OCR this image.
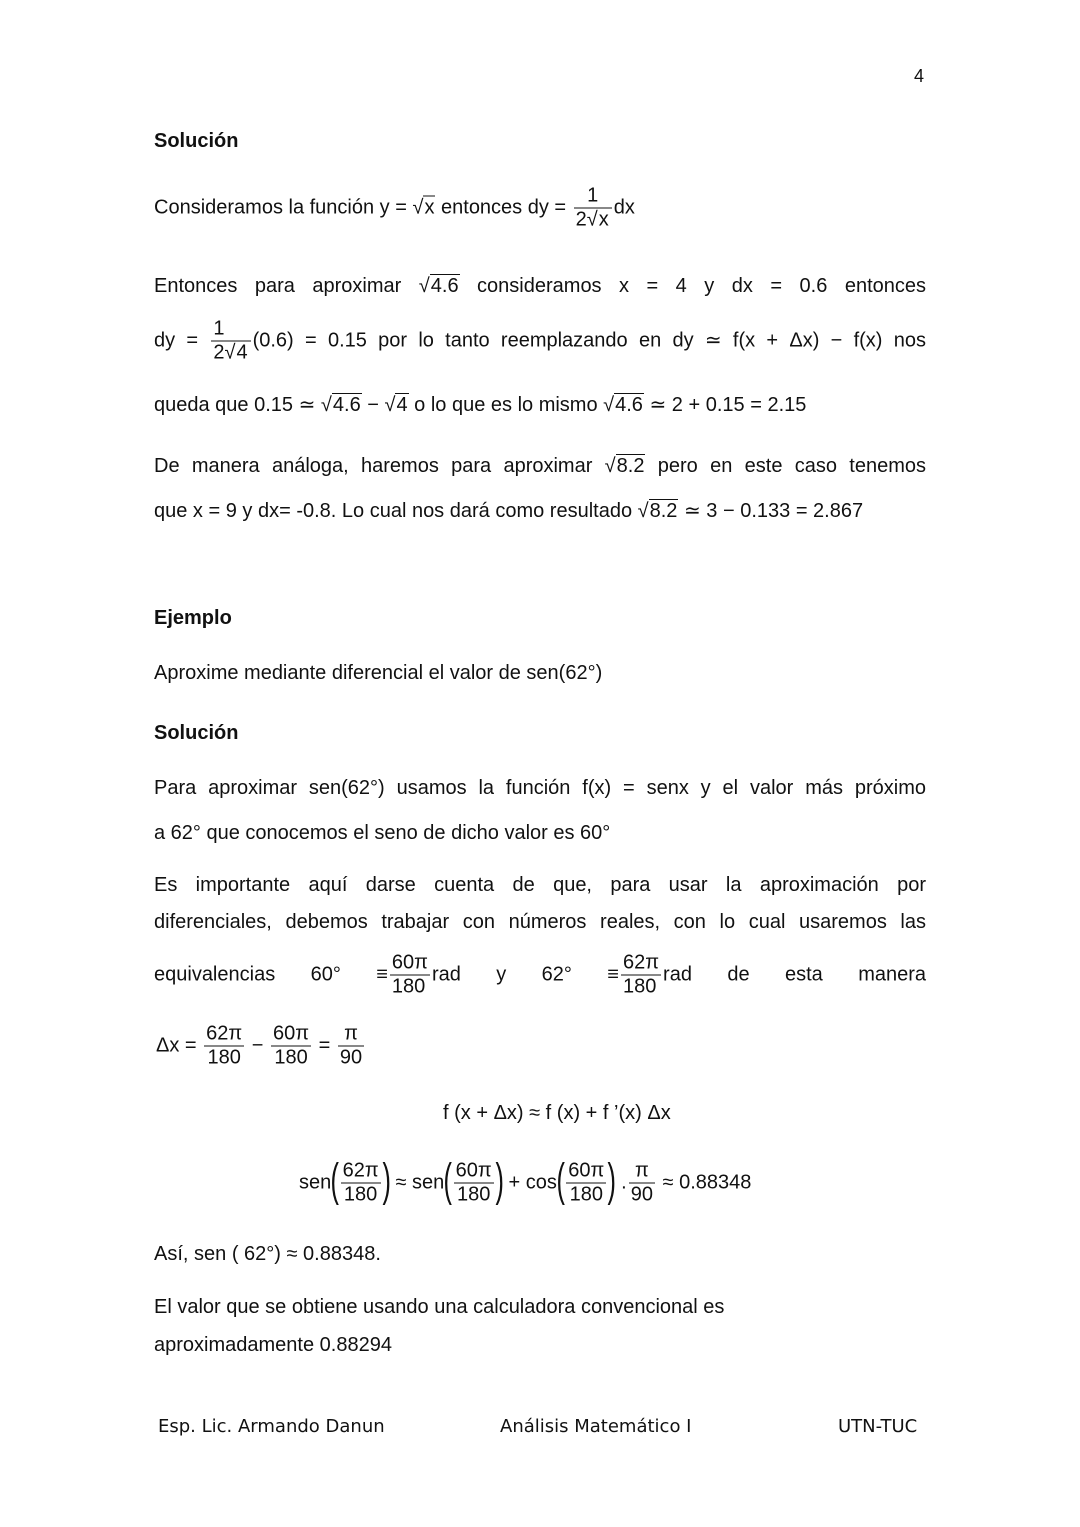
4
Solución
Consideramos la función y = √x entonces dy = $\frac{1}{2√x}$ dx
Entonces para aproximar √4.6 consideramos x = 4 y dx = 0.6 entonces
dy = $\frac{1}{2√4} (0.6) = 0.15$ por lo tanto reemplazando en dy ≃ f(x + Δx) − f(x) nos
queda que 0.15 ≃ √4.6 − √4 o lo que es lo mismo √4.6 ≃ 2 + 0.15 = 2.15
De manera análoga, haremos para aproximar √8.2 pero en este caso tenemos
que x = 9 y dx= -0.8. Lo cual nos dará como resultado √8.2 ≃ 3 − 0.133 = 2.867
Ejemplo
Aproxime mediante diferencial el valor de sen(62°)
Solución
Para aproximar sen(62°) usamos la función f(x) = senx y el valor más próximo
a 62° que conocemos el seno de dicho valor es 60°
Es importante aquí darse cuenta de que, para usar la aproximación por
diferenciales, debemos trabajar con números reales, con lo cual usaremos las
equivalencias $60^\circ \equiv \frac{60\pi}{180}$ rad y $62^\circ \equiv \frac{62\pi}{180}$ rad de esta manera
$\Delta x = \frac{62\pi}{180} - \frac{60\pi}{180} = \frac{\pi}{90}$
f (x + Δx) ≈ f (x) + f ’(x) Δx
$sen( \frac{62\pi}{180}$ ) ≈ $sen( \frac{60\pi}{180}$ ) + $\cos( \frac{60\pi}{180}$ ) . $\frac{\pi}{90} \approx 0.88348$
Así, sen ( 62°) ≈ 0.88348.
El valor que se obtiene usando una calculadora convencional es
aproximadamente 0.88294
Esp. Lic. Armando Danun	Análisis Matemático I	UTN-TUC
